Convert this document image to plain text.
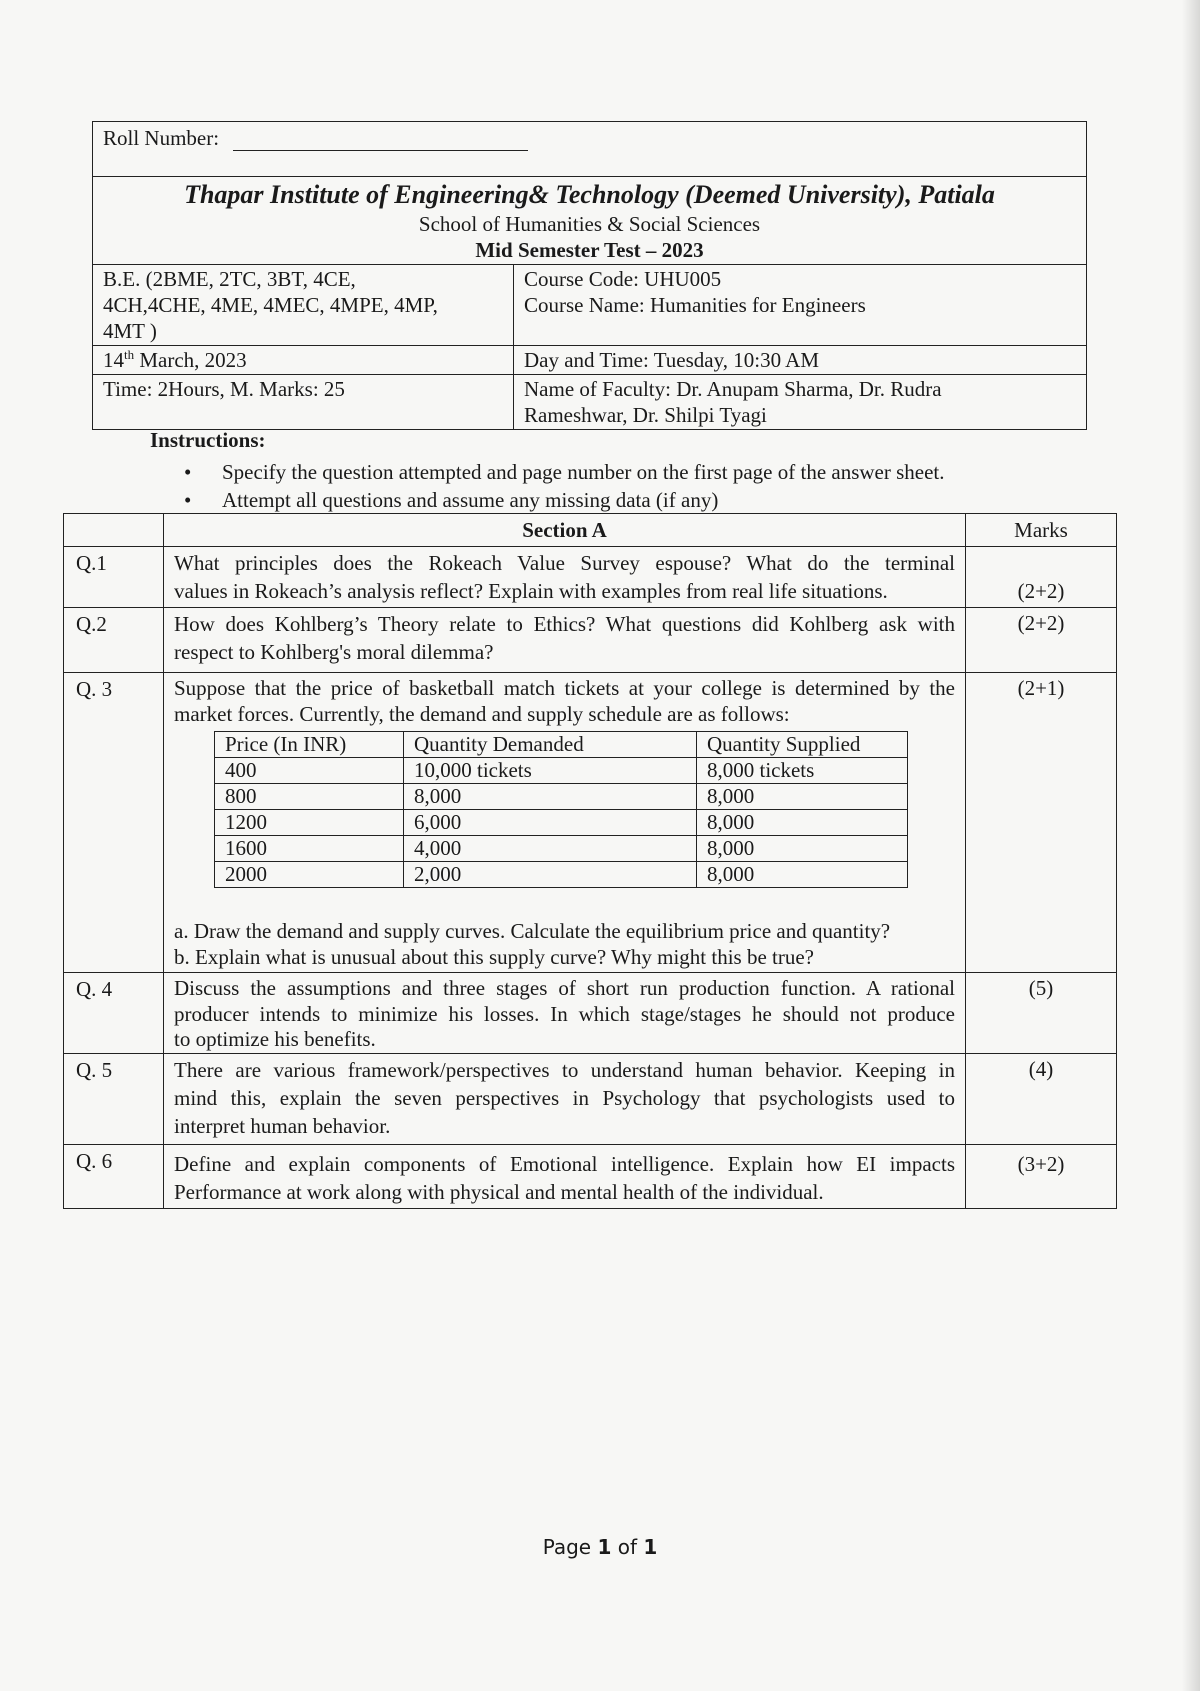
Roll Number:
Thapar Institute of Engineering& Technology (Deemed University), Patiala
School of Humanities & Social Sciences
Mid Semester Test – 2023
B.E. (2BME, 2TC, 3BT, 4CE,
4CH,4CHE, 4ME, 4MEC, 4MPE, 4MP,
4MT )	Course Code: UHU005
Course Name: Humanities for Engineers

14th March, 2023	Day and Time: Tuesday, 10:30 AM
Time: 2Hours, M. Marks: 25	Name of Faculty: Dr. Anupam Sharma, Dr. Rudra
Rameshwar, Dr. Shilpi Tyagi
Instructions:
• Specify the question attempted and page number on the first page of the answer sheet.
• Attempt all questions and assume any missing data (if any)
	Section A	Marks
Q.1	What principles does the Rokeach Value Survey espouse? What do the terminal
values in Rokeach’s analysis reflect? Explain with examples from real life situations.	(2+2)
Q.2	How does Kohlberg’s Theory relate to Ethics? What questions did Kohlberg ask with
respect to Kohlberg's moral dilemma?
	(2+2)
Q. 3	Suppose that the price of basketball match tickets at your college is determined by the
market forces. Currently, the demand and supply schedule are as follows:
Price (In INR)	Quantity Demanded	Quantity Supplied
400	10,000 tickets	8,000 tickets
800	8,000	8,000
1200	6,000	8,000
1600	4,000	8,000
2000	2,000	8,000
a. Draw the demand and supply curves. Calculate the equilibrium price and quantity?
b. Explain what is unusual about this supply curve? Why might this be true?
	(2+1)
Q. 4	Discuss the assumptions and three stages of short run production function. A rational
producer intends to minimize his losses. In which stage/stages he should not produce
to optimize his benefits.
	(5)
Q. 5	There are various framework/perspectives to understand human behavior. Keeping in
mind this, explain the seven perspectives in Psychology that psychologists used to
interpret human behavior.
	(4)
Q. 6	Define and explain components of Emotional intelligence. Explain how EI impacts
Performance at work along with physical and mental health of the individual.
	(3+2)
Page 1 of 1
